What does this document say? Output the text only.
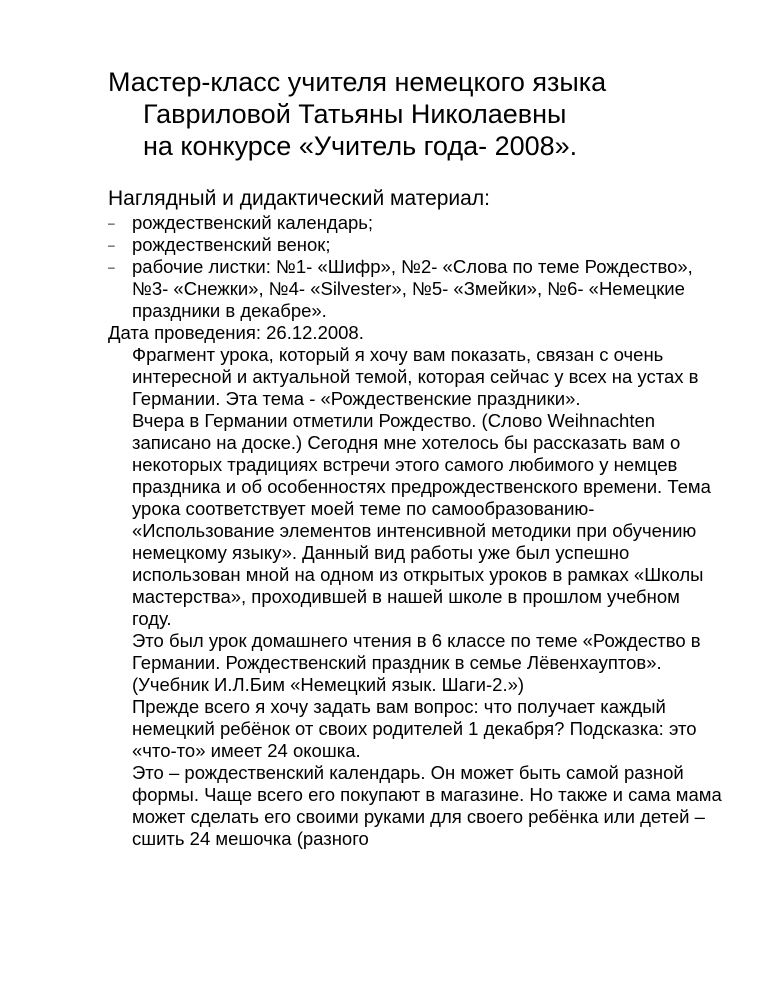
Мастер-класс учителя немецкого языка
Гавриловой Татьяны Николаевны
на конкурсе «Учитель года- 2008».
Наглядный и дидактический материал:
– рождественский календарь;
– рождественский венок;
– рабочие листки: №1- «Шифр», №2- «Слова по теме Рождество», №3- «Снежки», №4- «Silvester», №5- «Змейки», №6- «Немецкие праздники в декабре».

Дата проведения: 26.12.2008.

Фрагмент урока, который я хочу вам показать, связан с очень интересной и актуальной темой, которая сейчас у всех на устах в Германии. Эта тема - «Рождественские праздники».

Вчера в Германии отметили Рождество. (Слово Weihnachten записано на доске.) Сегодня мне хотелось бы рассказать вам о некоторых традициях встречи этого самого любимого у немцев праздника и об особенностях предрождественского времени. Тема урока соответствует моей теме по самообразованию- «Использование элементов интенсивной методики при обучению немецкому языку». Данный вид работы уже был успешно использован мной на одном из открытых уроков в рамках «Школы мастерства», проходившей в нашей школе в прошлом учебном году.

Это был урок домашнего чтения в 6 классе по теме «Рождество в Германии. Рождественский праздник в семье Лёвенхауптов». (Учебник И.Л.Бим «Немецкий язык. Шаги-2.»)

Прежде всего я хочу задать вам вопрос: что получает каждый немецкий ребёнок от своих родителей 1 декабря? Подсказка: это «что-то» имеет 24 окошка.

Это – рождественский календарь. Он может быть самой разной формы. Чаще всего его покупают в магазине. Но также и сама мама может сделать его своими руками для своего ребёнка или детей – сшить 24 мешочка (разного
